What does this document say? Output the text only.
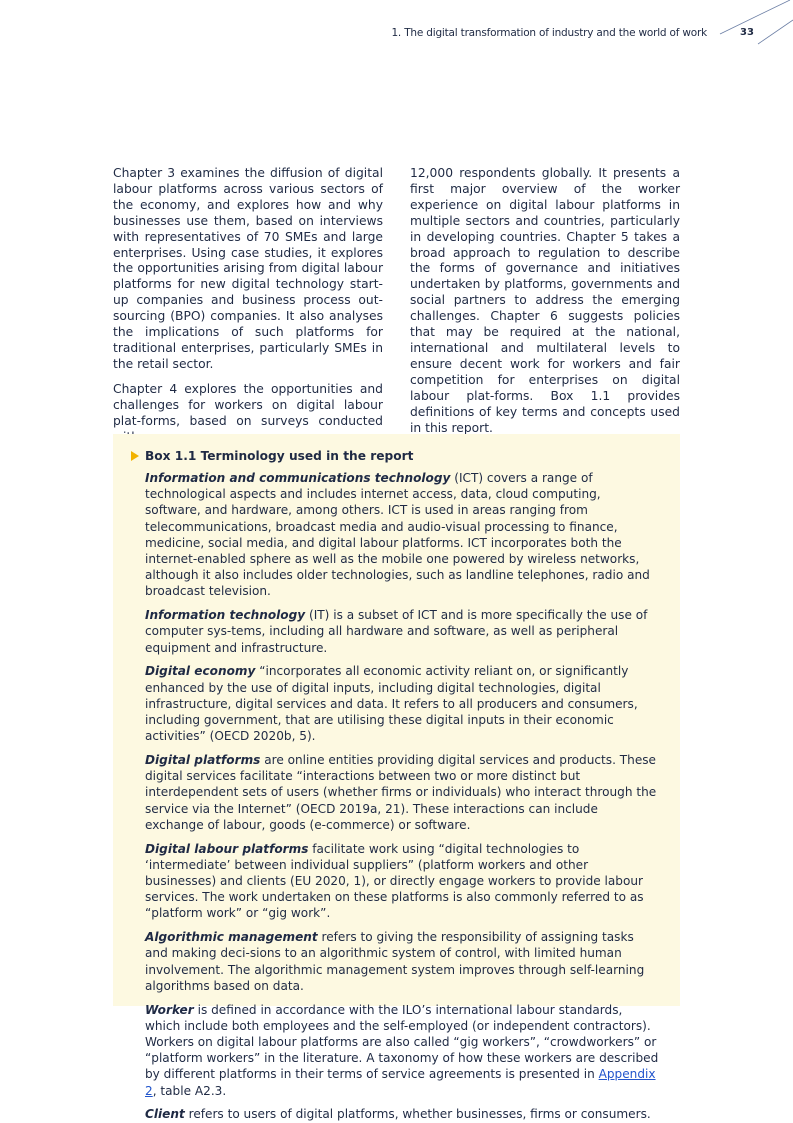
1. The digital transformation of industry and the world of work	33

Chapter 3 examines the diffusion of digital labour platforms across various sectors of the economy, and explores how and why businesses use them, based on interviews with representatives of 70 SMEs and large enterprises. Using case studies, it explores the opportunities arising from digital labour platforms for new digital technology start-up companies and business process out-sourcing (BPO) companies. It also analyses the implications of such platforms for traditional enterprises, particularly SMEs in the retail sector.

Chapter 4 explores the opportunities and challenges for workers on digital labour plat-forms, based on surveys conducted

12,000 respondents globally. It presents a first major overview of the worker experience on digital labour platforms in multiple sectors and countries, particularly in developing countries. Chapter 5 takes a broad approach to regulation to describe the forms of governance and initiatives undertaken by platforms, governments and social partners to address the emerging challenges. Chapter 6 suggests policies that may be required at the national, international and multilateral levels to ensure decent work for workers and fair competition for enterprises on digital labour plat-forms. Box 1.1 provides definitions of key terms and concepts used in this report.

Box 1.1 Terminology used in the report

Information and communications technology (ICT) covers a range of technological aspects and includes internet access, data, cloud computing, software, and hardware, among others. ICT is used in areas ranging from telecommunications, broadcast media and audio-visual processing to finance, medicine, social media, and digital labour platforms. ICT incorporates both the internet-enabled sphere as well as the mobile one powered by wireless networks, although it also includes older technologies, such as landline telephones, radio and broadcast television.

Information technology (IT) is a subset of ICT and is more specifically the use of computer sys-tems, including all hardware and software, as well as peripheral equipment and infrastructure.

Digital economy “incorporates all economic activity reliant on, or significantly enhanced by the use of digital inputs, including digital technologies, digital infrastructure, digital services and data. It refers to all producers and consumers, including government, that are utilising these digital inputs in their economic activities” (OECD 2020b, 5).

Digital platforms are online entities providing digital services and products. These digital services facilitate “interactions between two or more distinct but interdependent sets of users (whether firms or individuals) who interact through the service via the Internet” (OECD 2019a, 21). These interactions can include exchange of labour, goods (e-commerce) or software.

Digital labour platforms facilitate work using “digital technologies to ‘intermediate’ between individual suppliers” (platform workers and other businesses) and clients (EU 2020, 1), or directly engage workers to provide labour services. The work undertaken on these platforms is also commonly referred to as “platform work” or “gig work”.

Algorithmic management refers to giving the responsibility of assigning tasks and making deci-sions to an algorithmic system of control, with limited human involvement. The algorithmic management system improves through self-learning algorithms based on data.

Worker is defined in accordance with the ILO’s international labour standards, which include both employees and the self-employed (or independent contractors). Workers on digital labour platforms are also called “gig workers”, “crowdworkers” or “platform workers” in the literature. A taxonomy of how these workers are described by different platforms in their terms of service agreements is presented in Appendix 2, table A2.3.

Client refers to users of digital platforms, whether businesses, firms or consumers.
